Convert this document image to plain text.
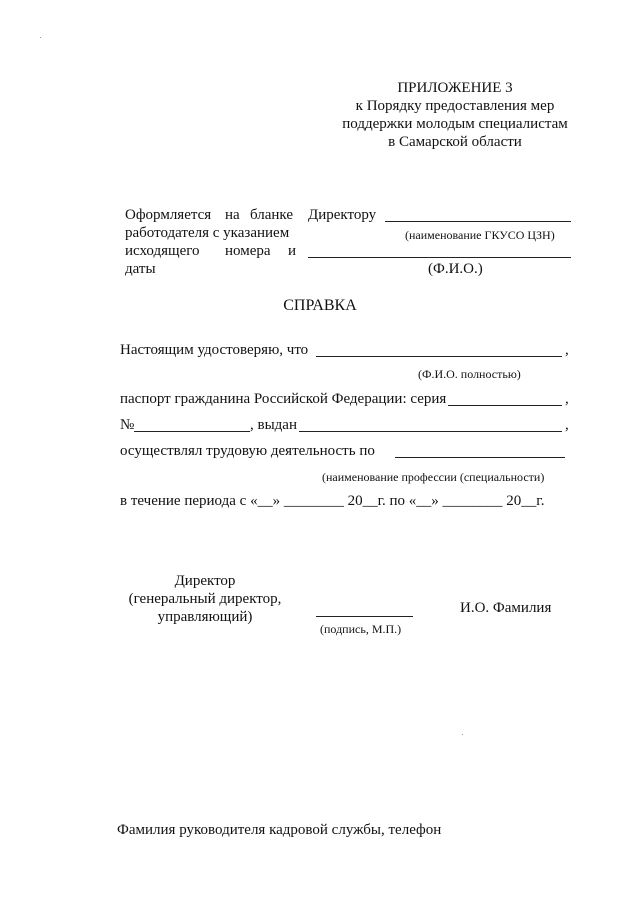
ПРИЛОЖЕНИЕ 3
к Порядку предоставления мер
поддержки молодым специалистам
в Самарской области
Оформляется на бланке
работодателя с указанием
исходящего номера и
даты
Директору
(наименование ГКУСО ЦЗН)
(Ф.И.О.)
СПРАВКА
Настоящим удостоверяю, что	,
(Ф.И.О. полностью)
паспорт гражданина Российской Федерации: серия	,
№	, выдан	,
осуществлял трудовую деятельность по
(наименование профессии (специальности)
в течение периода с «__» ________ 20__г. по «__» ________ 20__г.
Директор
(генеральный директор,
управляющий)
(подпись, М.П.)
И.О. Фамилия
Фамилия руководителя кадровой службы, телефон
